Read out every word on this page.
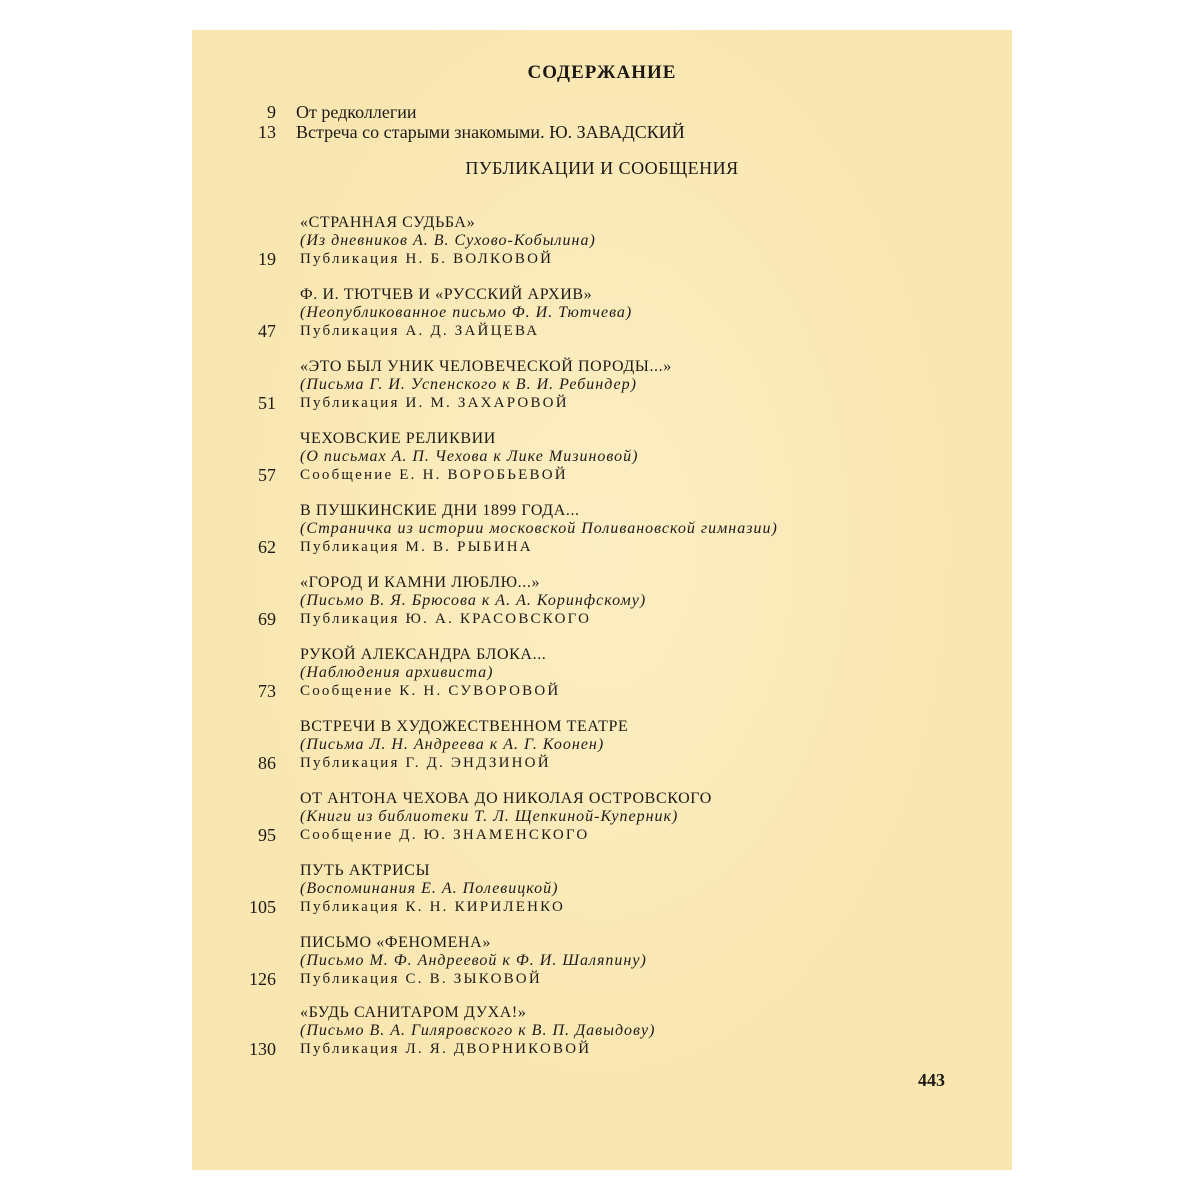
СОДЕРЖАНИЕ
9 От редколлегии
13 Встреча со старыми знакомыми. Ю. ЗАВАДСКИЙ
ПУБЛИКАЦИИ И СООБЩЕНИЯ
«СТРАННАЯ СУДЬБА»
(Из дневников А. В. Сухово-Кобылина)
Публикация Н. Б. ВОЛКОВОЙ
19
Ф. И. ТЮТЧЕВ И «РУССКИЙ АРХИВ»
(Неопубликованное письмо Ф. И. Тютчева)
Публикация А. Д. ЗАЙЦЕВА
47
«ЭТО БЫЛ УНИК ЧЕЛОВЕЧЕСКОЙ ПОРОДЫ...»
(Письма Г. И. Успенского к В. И. Ребиндер)
Публикация И. М. ЗАХАРОВОЙ
51
ЧЕХОВСКИЕ РЕЛИКВИИ
(О письмах А. П. Чехова к Лике Мизиновой)
Сообщение Е. Н. ВОРОБЬЕВОЙ
57
В ПУШКИНСКИЕ ДНИ 1899 ГОДА...
(Страничка из истории московской Поливановской гимназии)
Публикация М. В. РЫБИНА
62
«ГОРОД И КАМНИ ЛЮБЛЮ...»
(Письмо В. Я. Брюсова к А. А. Коринфскому)
Публикация Ю. А. КРАСОВСКОГО
69
РУКОЙ АЛЕКСАНДРА БЛОКА...
(Наблюдения архивиста)
Сообщение К. Н. СУВОРОВОЙ
73
ВСТРЕЧИ В ХУДОЖЕСТВЕННОМ ТЕАТРЕ
(Письма Л. Н. Андреева к А. Г. Коонен)
Публикация Г. Д. ЭНДЗИНОЙ
86
ОТ АНТОНА ЧЕХОВА ДО НИКОЛАЯ ОСТРОВСКОГО
(Книги из библиотеки Т. Л. Щепкиной-Куперник)
Сообщение Д. Ю. ЗНАМЕНСКОГО
95
ПУТЬ АКТРИСЫ
(Воспоминания Е. А. Полевицкой)
Публикация К. Н. КИРИЛЕНКО
105
ПИСЬМО «ФЕНОМЕНА»
(Письмо М. Ф. Андреевой к Ф. И. Шаляпину)
Публикация С. В. ЗЫКОВОЙ
126
«БУДЬ САНИТАРОМ ДУХА!»
(Письмо В. А. Гиляровского к В. П. Давыдову)
Публикация Л. Я. ДВОРНИКОВОЙ
130
443
